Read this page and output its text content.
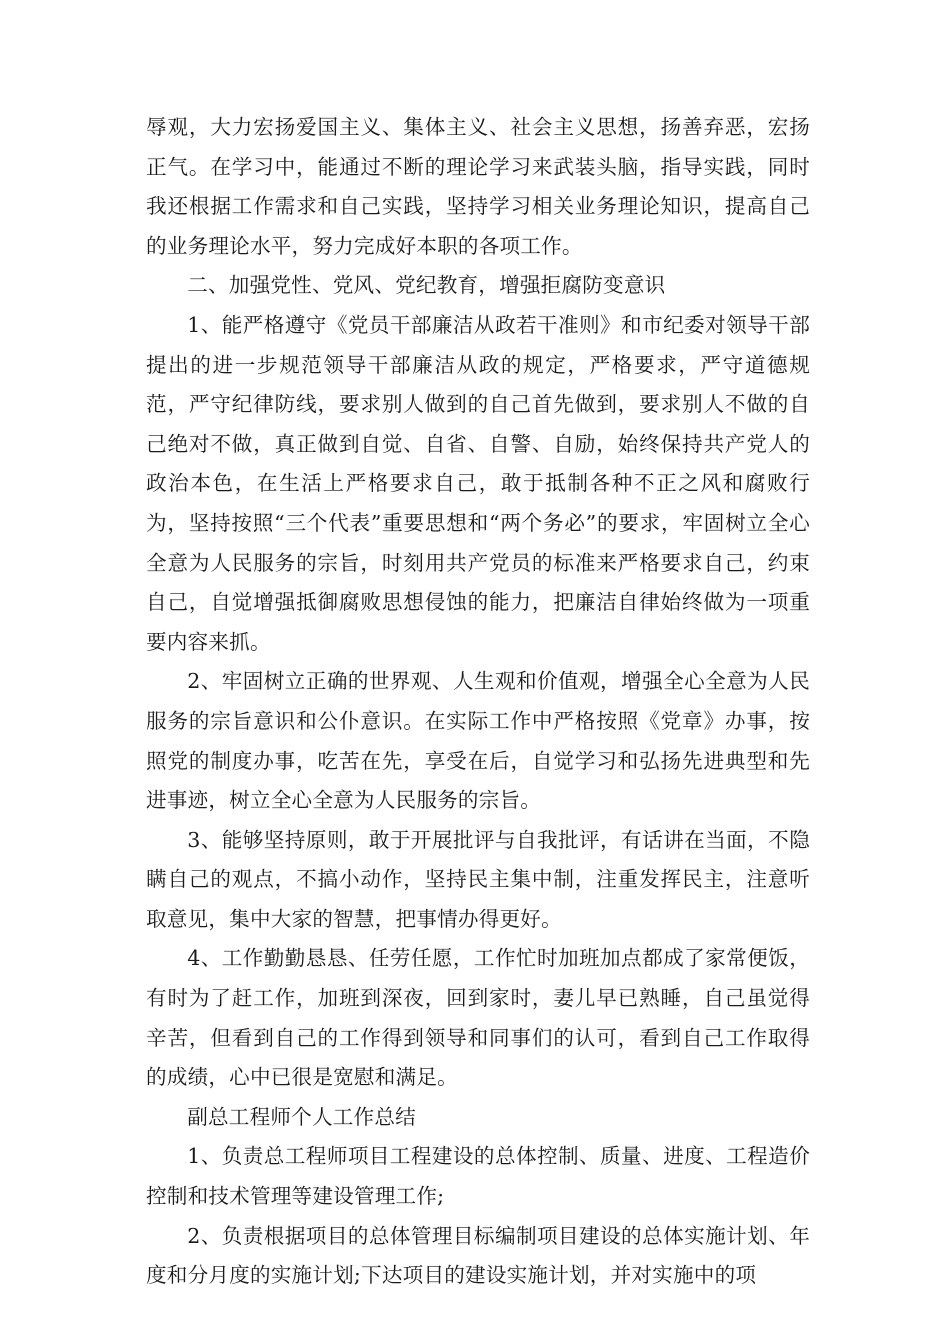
辱观，大力宏扬爱国主义、集体主义、社会主义思想，扬善弃恶，宏扬正气。在学习中，能通过不断的理论学习来武装头脑，指导实践，同时我还根据工作需求和自己实践，坚持学习相关业务理论知识，提高自己的业务理论水平，努力完成好本职的各项工作。

二、加强党性、党风、党纪教育，增强拒腐防变意识

1、能严格遵守《党员干部廉洁从政若干准则》和市纪委对领导干部提出的进一步规范领导干部廉洁从政的规定，严格要求，严守道德规范，严守纪律防线，要求别人做到的自己首先做到，要求别人不做的自己绝对不做，真正做到自觉、自省、自警、自励，始终保持共产党人的政治本色，在生活上严格要求自己，敢于抵制各种不正之风和腐败行为，坚持按照“三个代表”重要思想和“两个务必”的要求，牢固树立全心全意为人民服务的宗旨，时刻用共产党员的标准来严格要求自己，约束自己，自觉增强抵御腐败思想侵蚀的能力，把廉洁自律始终做为一项重要内容来抓。

2、牢固树立正确的世界观、人生观和价值观，增强全心全意为人民服务的宗旨意识和公仆意识。在实际工作中严格按照《党章》办事，按照党的制度办事，吃苦在先，享受在后，自觉学习和弘扬先进典型和先进事迹，树立全心全意为人民服务的宗旨。

3、能够坚持原则，敢于开展批评与自我批评，有话讲在当面，不隐瞒自己的观点，不搞小动作，坚持民主集中制，注重发挥民主，注意听取意见，集中大家的智慧，把事情办得更好。

4、工作勤勤恳恳、任劳任愿，工作忙时加班加点都成了家常便饭，有时为了赶工作，加班到深夜，回到家时，妻儿早已熟睡，自己虽觉得辛苦，但看到自己的工作得到领导和同事们的认可，看到自己工作取得的成绩，心中已很是宽慰和满足。

副总工程师个人工作总结

1、负责总工程师项目工程建设的总体控制、质量、进度、工程造价控制和技术管理等建设管理工作;

2、负责根据项目的总体管理目标编制项目建设的总体实施计划、年度和分月度的实施计划;下达项目的建设实施计划，并对实施中的项
